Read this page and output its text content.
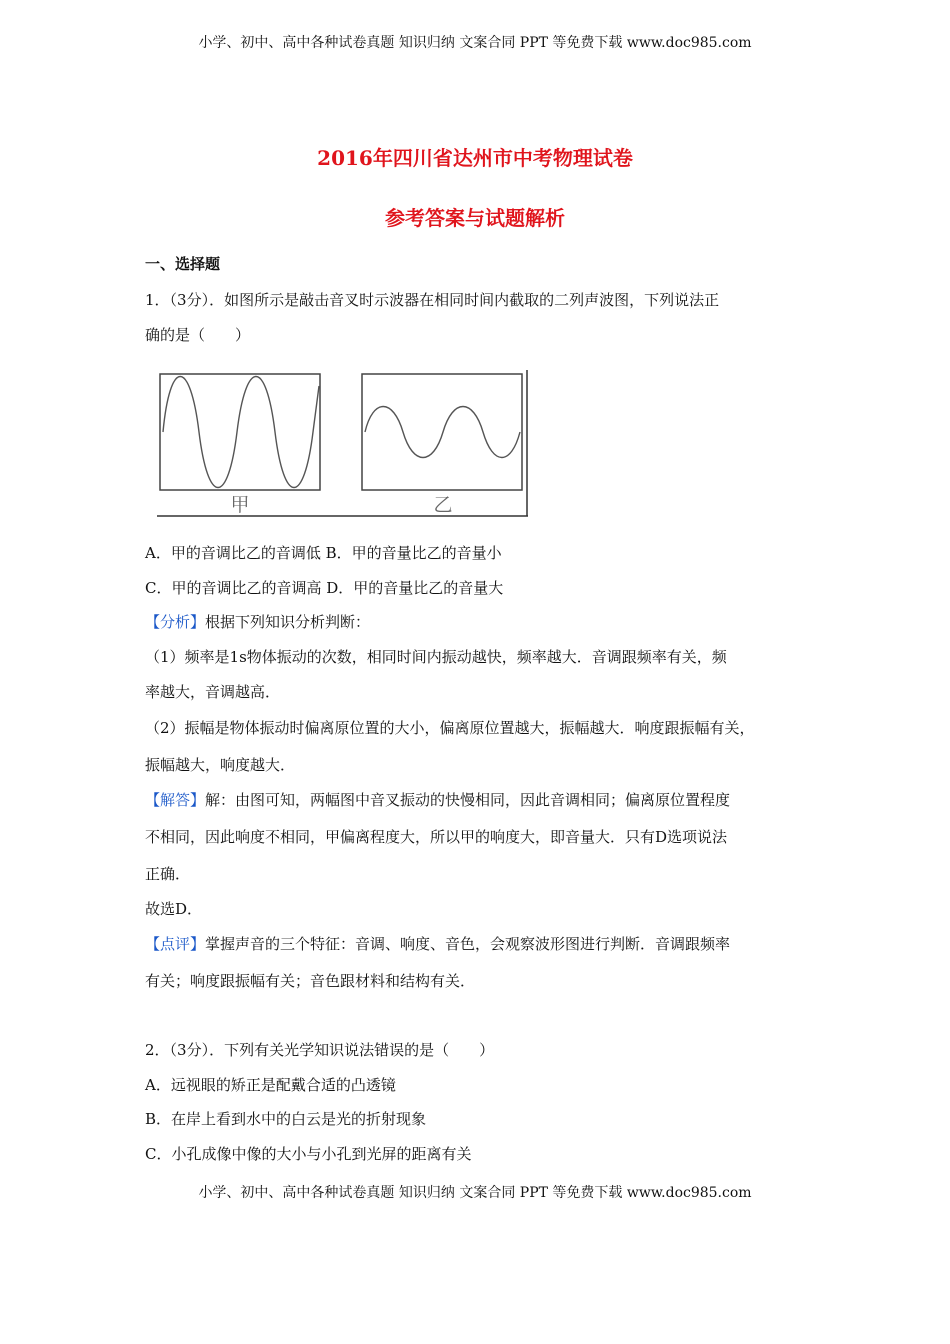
小学、初中、高中各种试卷真题 知识归纳 文案合同 PPT 等免费下载 www.doc985.com
2016年四川省达州市中考物理试卷
参考答案与试题解析
一、选择题
1．（3分）．如图所示是敲击音叉时示波器在相同时间内截取的二列声波图，下列说法正
确的是（　　）
甲	乙
A．甲的音调比乙的音调低 B．甲的音量比乙的音量小
C．甲的音调比乙的音调高 D．甲的音量比乙的音量大
【分析】根据下列知识分析判断：
（1）频率是1s物体振动的次数，相同时间内振动越快，频率越大．音调跟频率有关，频
率越大，音调越高．
（2）振幅是物体振动时偏离原位置的大小，偏离原位置越大，振幅越大．响度跟振幅有关，
振幅越大，响度越大．
【解答】解：由图可知，两幅图中音叉振动的快慢相同，因此音调相同；偏离原位置程度
不相同，因此响度不相同，甲偏离程度大，所以甲的响度大，即音量大．只有D选项说法
正确．
故选D．
【点评】掌握声音的三个特征：音调、响度、音色，会观察波形图进行判断．音调跟频率
有关；响度跟振幅有关；音色跟材料和结构有关．
2．（3分）．下列有关光学知识说法错误的是（　　）
A．远视眼的矫正是配戴合适的凸透镜
B．在岸上看到水中的白云是光的折射现象
C．小孔成像中像的大小与小孔到光屏的距离有关
小学、初中、高中各种试卷真题 知识归纳 文案合同 PPT 等免费下载 www.doc985.com
